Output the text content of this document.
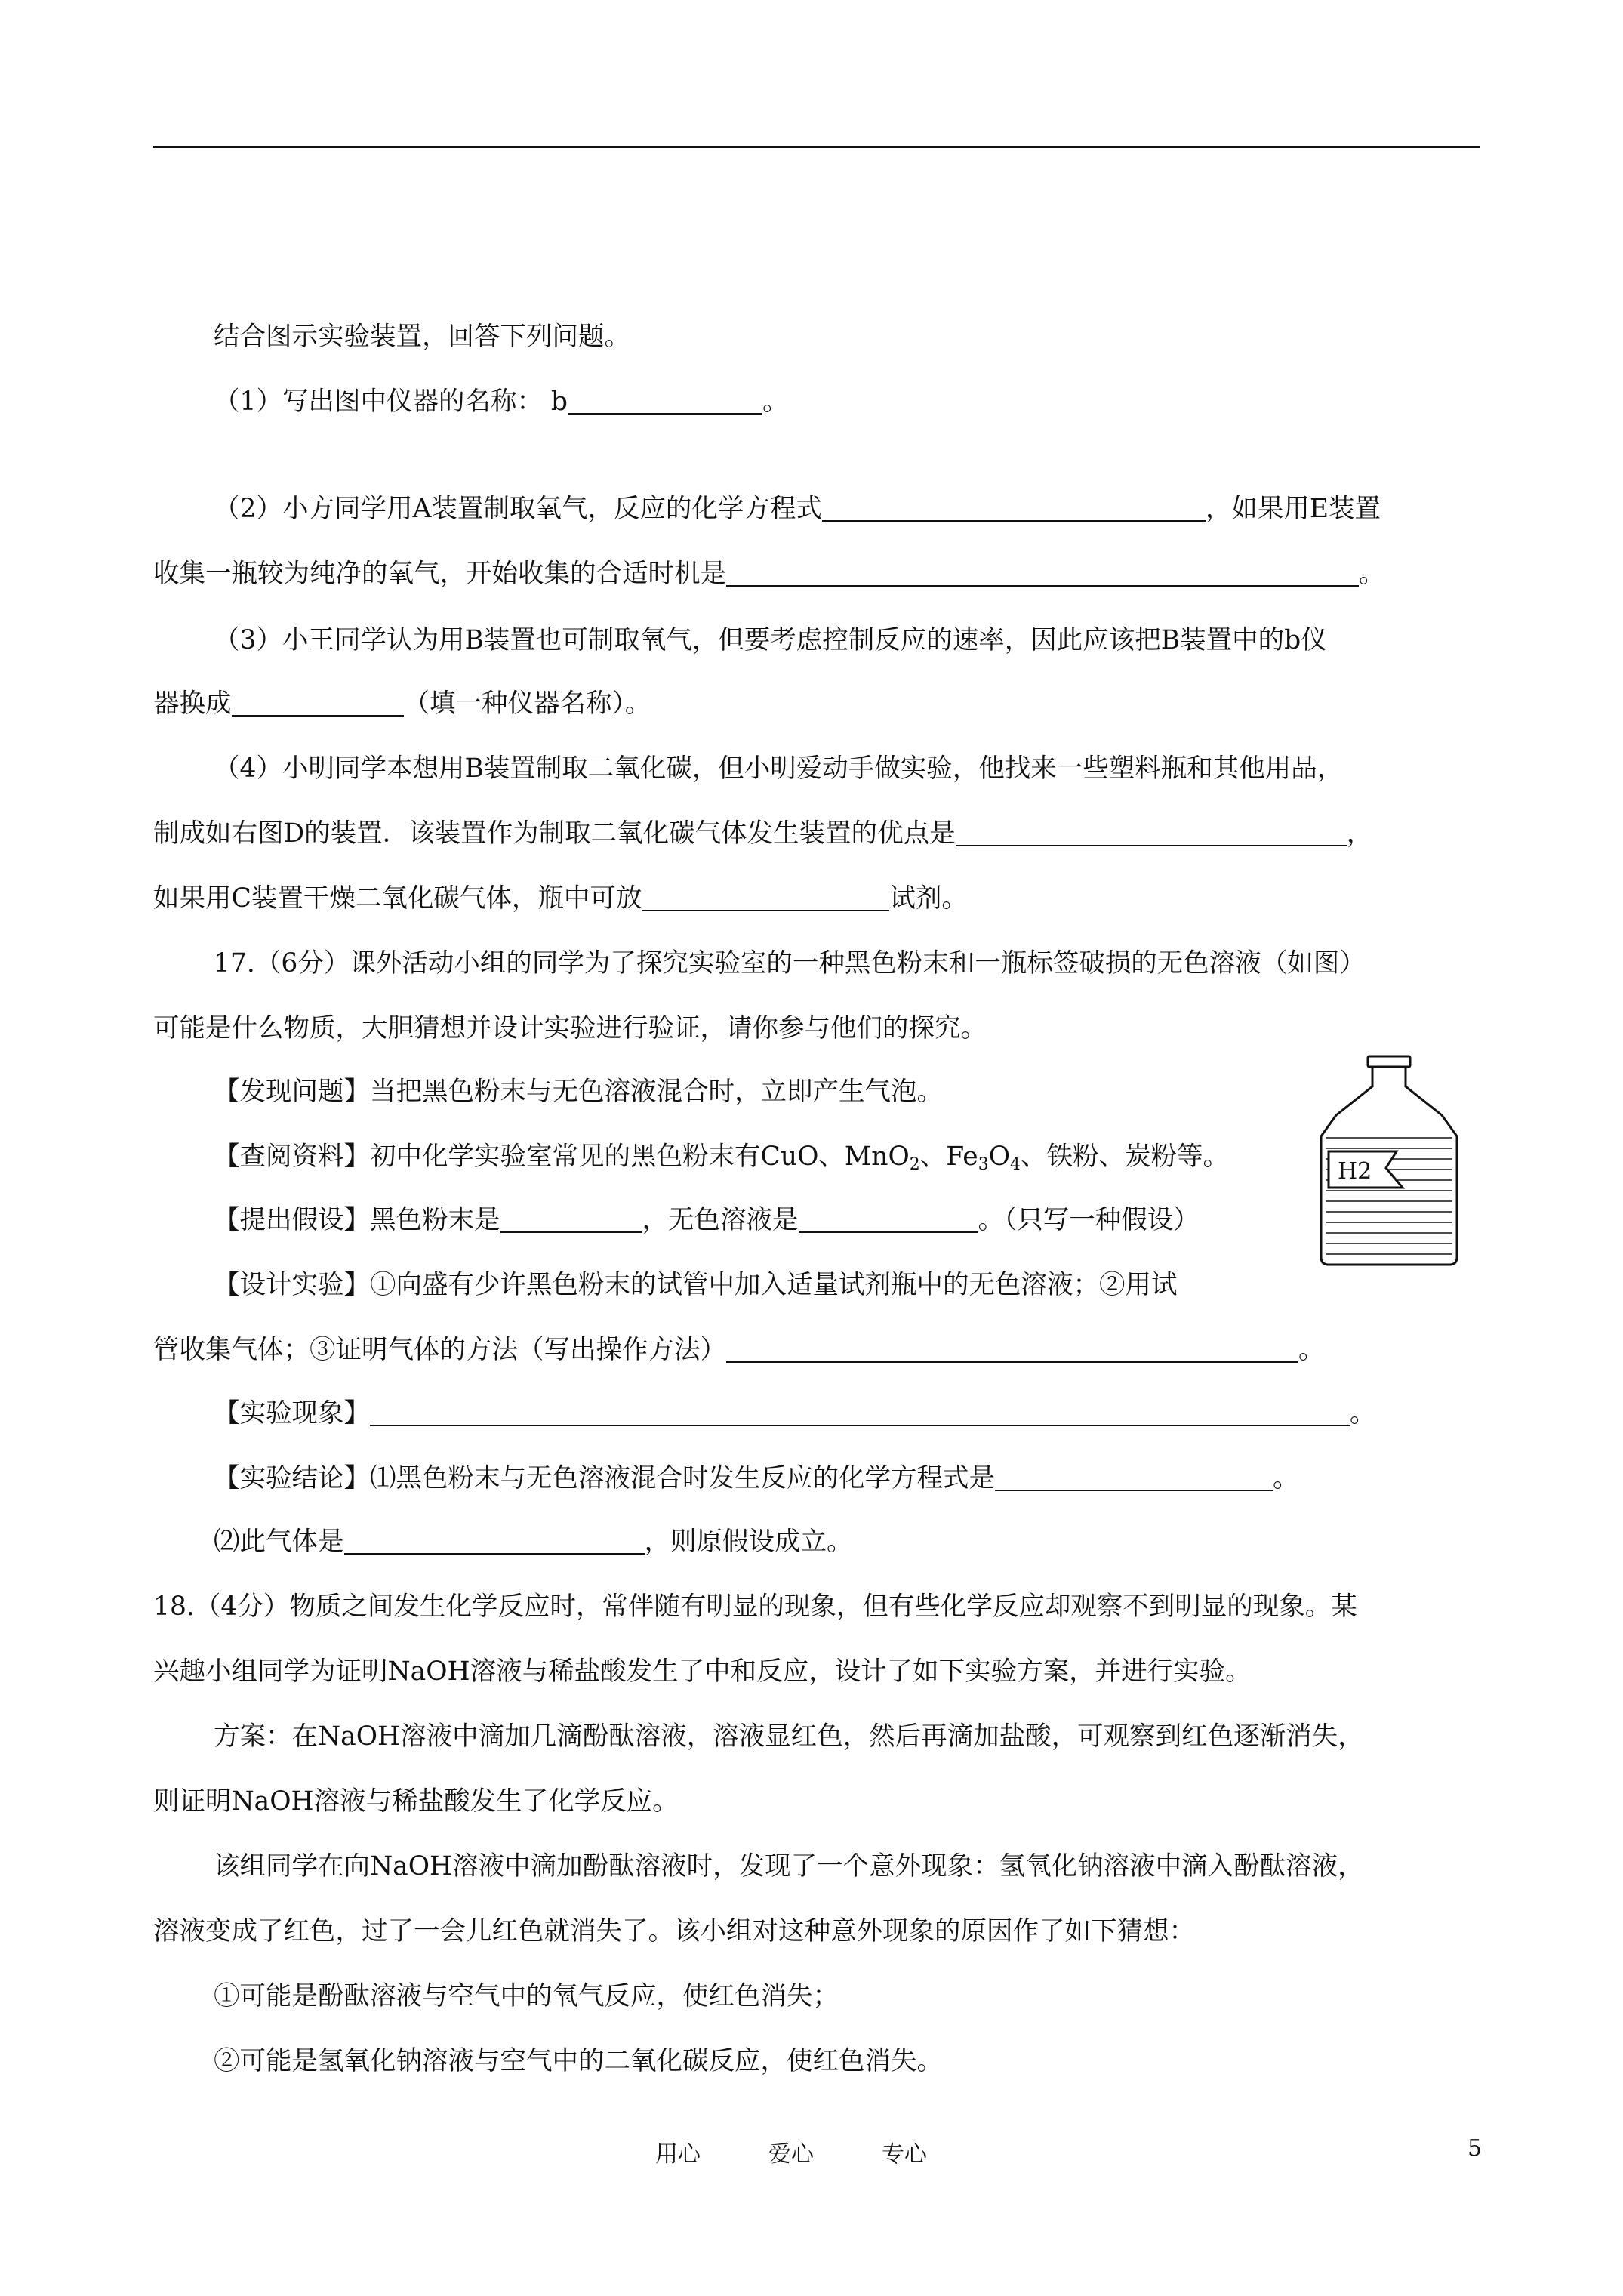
结合图示实验装置，回答下列问题。
（1）写出图中仪器的名称： b	。
（2）小方同学用A装置制取氧气，反应的化学方程式	，如果用E装置
收集一瓶较为纯净的氧气，开始收集的合适时机是	。
（3）小王同学认为用B装置也可制取氧气，但要考虑控制反应的速率，因此应该把B装置中的b仪
器换成	（填一种仪器名称）。
（4）小明同学本想用B装置制取二氧化碳，但小明爱动手做实验，他找来一些塑料瓶和其他用品，
制成如右图D的装置．该装置作为制取二氧化碳气体发生装置的优点是	，
如果用C装置干燥二氧化碳气体，瓶中可放	试剂。
17.（6分）课外活动小组的同学为了探究实验室的一种黑色粉末和一瓶标签破损的无色溶液（如图）
可能是什么物质，大胆猜想并设计实验进行验证，请你参与他们的探究。
【发现问题】当把黑色粉末与无色溶液混合时，立即产生气泡。
【查阅资料】初中化学实验室常见的黑色粉末有CuO、MnO$_2$、$Fe_3O_4$、铁粉、炭粉等。
【提出假设】黑色粉末是	，无色溶液是	。（只写一种假设）
【设计实验】①向盛有少许黑色粉末的试管中加入适量试剂瓶中的无色溶液；②用试
管收集气体；③证明气体的方法（写出操作方法）	。
【实验现象】	。
【实验结论】⑴黑色粉末与无色溶液混合时发生反应的化学方程式是	。
⑵此气体是	，则原假设成立。
H2
18.（4分）物质之间发生化学反应时，常伴随有明显的现象，但有些化学反应却观察不到明显的现象。某
兴趣小组同学为证明NaOH溶液与稀盐酸发生了中和反应，设计了如下实验方案，并进行实验。
方案：在NaOH溶液中滴加几滴酚酞溶液，溶液显红色，然后再滴加盐酸，可观察到红色逐渐消失，
则证明NaOH溶液与稀盐酸发生了化学反应。
该组同学在向NaOH溶液中滴加酚酞溶液时，发现了一个意外现象：氢氧化钠溶液中滴入酚酞溶液，
溶液变成了红色，过了一会儿红色就消失了。该小组对这种意外现象的原因作了如下猜想：
①可能是酚酞溶液与空气中的氧气反应，使红色消失；
②可能是氢氧化钠溶液与空气中的二氧化碳反应，使红色消失。
用心	爱心	专心	5
